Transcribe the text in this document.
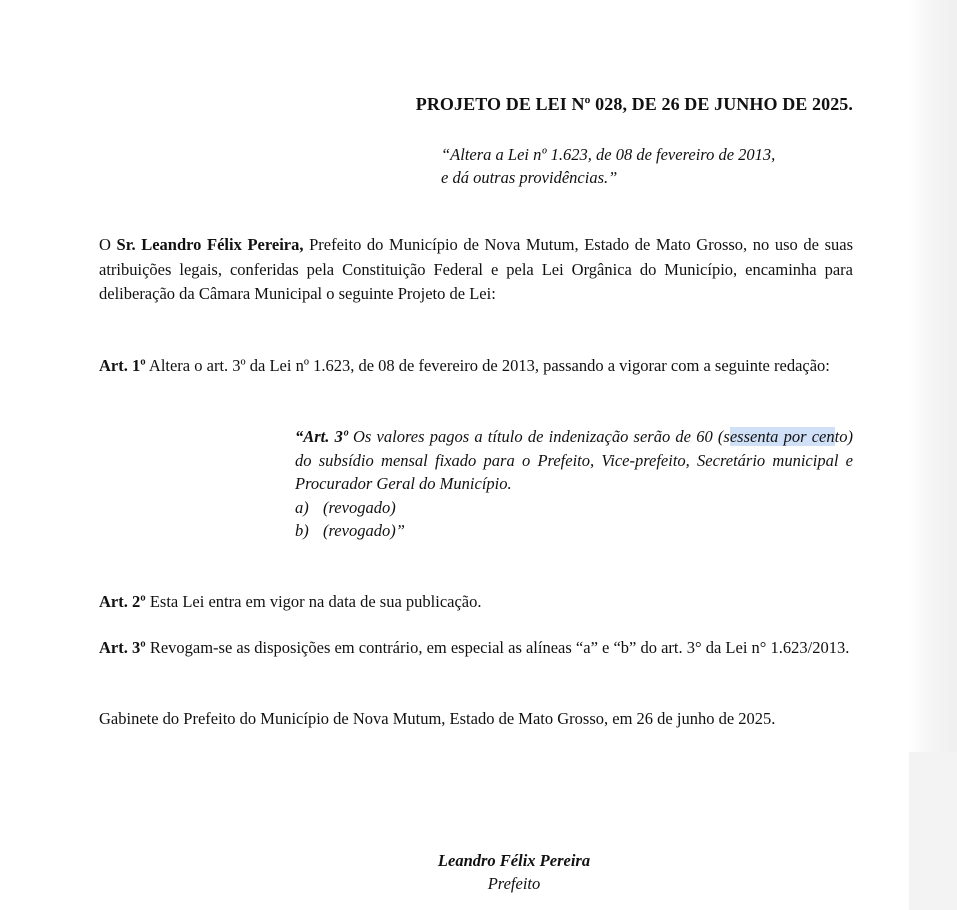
PROJETO DE LEI Nº 028, DE 26 DE JUNHO DE 2025.
“Altera a Lei nº 1.623, de 08 de fevereiro de 2013,
e dá outras providências.”

O Sr. Leandro Félix Pereira, Prefeito do Município de Nova Mutum, Estado de Mato Grosso, no uso de suas atribuições legais, conferidas pela Constituição Federal e pela Lei Orgânica do Município, encaminha para deliberação da Câmara Municipal o seguinte Projeto de Lei:

Art. 1º Altera o art. 3º da Lei nº 1.623, de 08 de fevereiro de 2013, passando a vigorar com a seguinte redação:

“Art. 3º Os valores pagos a título de indenização serão de 60 (sessenta por cento) do subsídio mensal fixado para o Prefeito, Vice-prefeito, Secretário municipal e Procurador Geral do Município.
a) (revogado)
b) (revogado)”

Art. 2º Esta Lei entra em vigor na data de sua publicação.

Art. 3º Revogam-se as disposições em contrário, em especial as alíneas “a” e “b” do art. 3° da Lei n° 1.623/2013.

Gabinete do Prefeito do Município de Nova Mutum, Estado de Mato Grosso, em 26 de junho de 2025.

Leandro Félix Pereira
Prefeito
